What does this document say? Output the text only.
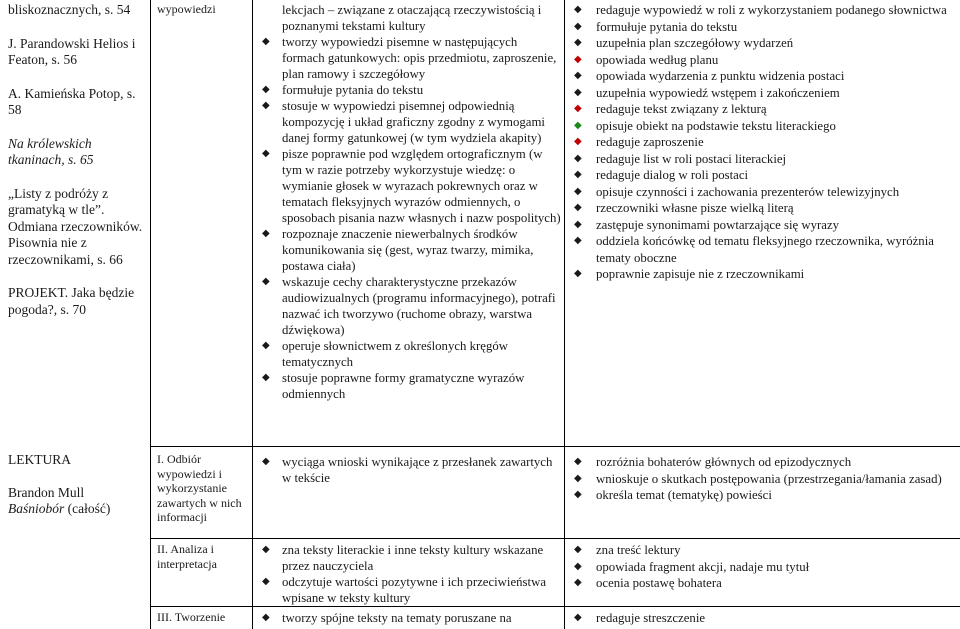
bliskoznacznych, s. 54

J. Parandowski Helios i Featon, s. 56

A. Kamieńska Potop, s. 58

Na królewskich tkaninach, s. 65

„Listy z podróży z gramatyką w tle”. Odmiana rzeczowników. Pisownia nie z rzeczownikami, s. 66

PROJEKT. Jaka będzie pogoda?, s. 70

LEKTURA

Brandon Mull

Baśniobór (całość)

wypowiedzi
I. Odbiór wypowiedzi i wykorzystanie zawartych w nich informacji
II. Analiza i interpretacja
III. Tworzenie

lekcjach – związane z otaczającą rzeczywistością i poznanymi tekstami kultury

◆ tworzy wypowiedzi pisemne w następujących formach gatunkowych: opis przedmiotu, zaproszenie, plan ramowy i szczegółowy
◆ formułuje pytania do tekstu
◆ stosuje w wypowiedzi pisemnej odpowiednią kompozycję i układ graficzny zgodny z wymogami danej formy gatunkowej (w tym wydziela akapity)
◆ pisze poprawnie pod względem ortograficznym (w tym w razie potrzeby wykorzystuje wiedzę: o wymianie głosek w wyrazach pokrewnych oraz w tematach fleksyjnych wyrazów odmiennych, o sposobach pisania nazw własnych i nazw pospolitych)
◆ rozpoznaje znaczenie niewerbalnych środków komunikowania się (gest, wyraz twarzy, mimika, postawa ciała)
◆ wskazuje cechy charakterystyczne przekazów audiowizualnych (programu informacyjnego), potrafi nazwać ich tworzywo (ruchome obrazy, warstwa dźwiękowa)
◆ operuje słownictwem z określonych kręgów tematycznych
◆ stosuje poprawne formy gramatyczne wyrazów odmiennych
◆ wyciąga wnioski wynikające z przesłanek zawartych w tekście
◆ zna teksty literackie i inne teksty kultury wskazane przez nauczyciela
◆ odczytuje wartości pozytywne i ich przeciwieństwa wpisane w teksty kultury
◆ tworzy spójne teksty na tematy poruszane na
◆ redaguje wypowiedź w roli z wykorzystaniem podanego słownictwa
◆ formułuje pytania do tekstu
◆ uzupełnia plan szczegółowy wydarzeń
◆ opowiada według planu
◆ opowiada wydarzenia z punktu widzenia postaci
◆ uzupełnia wypowiedź wstępem i zakończeniem
◆ redaguje tekst związany z lekturą
◆ opisuje obiekt na podstawie tekstu literackiego
◆ redaguje zaproszenie
◆ redaguje list w roli postaci literackiej
◆ redaguje dialog w roli postaci
◆ opisuje czynności i zachowania prezenterów telewizyjnych
◆ rzeczowniki własne pisze wielką literą
◆ zastępuje synonimami powtarzające się wyrazy
◆ oddziela końcówkę od tematu fleksyjnego rzeczownika, wyróżnia tematy oboczne
◆ poprawnie zapisuje nie z rzeczownikami
◆ rozróżnia bohaterów głównych od epizodycznych
◆ wnioskuje o skutkach postępowania (przestrzegania/łamania zasad)
◆ określa temat (tematykę) powieści
◆ zna treść lektury
◆ opowiada fragment akcji, nadaje mu tytuł
◆ ocenia postawę bohatera
◆ redaguje streszczenie
